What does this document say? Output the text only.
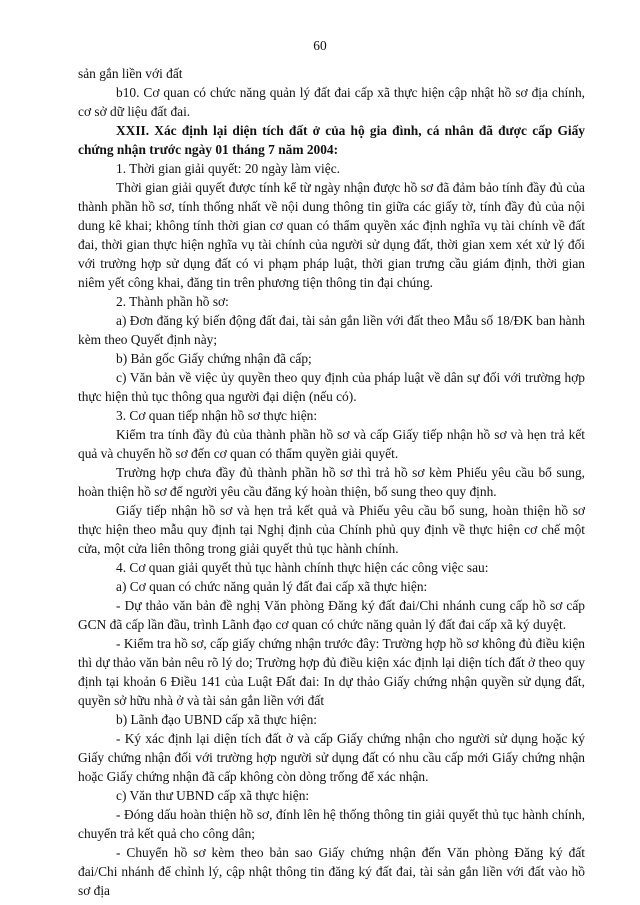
60

sản gắn liền với đất

b10. Cơ quan có chức năng quản lý đất đai cấp xã thực hiện cập nhật hồ sơ địa chính, cơ sở dữ liệu đất đai.

XXII. Xác định lại diện tích đất ở của hộ gia đình, cá nhân đã được cấp Giấy chứng nhận trước ngày 01 tháng 7 năm 2004:

1. Thời gian giải quyết: 20 ngày làm việc.

Thời gian giải quyết được tính kể từ ngày nhận được hồ sơ đã đảm bảo tính đầy đủ của thành phần hồ sơ, tính thống nhất về nội dung thông tin giữa các giấy tờ, tính đầy đủ của nội dung kê khai; không tính thời gian cơ quan có thẩm quyền xác định nghĩa vụ tài chính về đất đai, thời gian thực hiện nghĩa vụ tài chính của người sử dụng đất, thời gian xem xét xử lý đối với trường hợp sử dụng đất có vi phạm pháp luật, thời gian trưng cầu giám định, thời gian niêm yết công khai, đăng tin trên phương tiện thông tin đại chúng.

2. Thành phần hồ sơ:

a) Đơn đăng ký biến động đất đai, tài sản gắn liền với đất theo Mẫu số 18/ĐK ban hành kèm theo Quyết định này;

b) Bản gốc Giấy chứng nhận đã cấp;

c) Văn bản về việc ủy quyền theo quy định của pháp luật về dân sự đối với trường hợp thực hiện thủ tục thông qua người đại diện (nếu có).

3. Cơ quan tiếp nhận hồ sơ thực hiện:

Kiểm tra tính đầy đủ của thành phần hồ sơ và cấp Giấy tiếp nhận hồ sơ và hẹn trả kết quả và chuyển hồ sơ đến cơ quan có thẩm quyền giải quyết.

Trường hợp chưa đầy đủ thành phần hồ sơ thì trả hồ sơ kèm Phiếu yêu cầu bổ sung, hoàn thiện hồ sơ để người yêu cầu đăng ký hoàn thiện, bổ sung theo quy định.

Giấy tiếp nhận hồ sơ và hẹn trả kết quả và Phiếu yêu cầu bổ sung, hoàn thiện hồ sơ thực hiện theo mẫu quy định tại Nghị định của Chính phủ quy định về thực hiện cơ chế một cửa, một cửa liên thông trong giải quyết thủ tục hành chính.

4. Cơ quan giải quyết thủ tục hành chính thực hiện các công việc sau:

a) Cơ quan có chức năng quản lý đất đai cấp xã thực hiện:

- Dự thảo văn bản đề nghị Văn phòng Đăng ký đất đai/Chi nhánh cung cấp hồ sơ cấp GCN đã cấp lần đầu, trình Lãnh đạo cơ quan có chức năng quản lý đất đai cấp xã ký duyệt.

- Kiểm tra hồ sơ, cấp giấy chứng nhận trước đây: Trường hợp hồ sơ không đủ điều kiện thì dự thảo văn bản nêu rõ lý do; Trường hợp đủ điều kiện xác định lại diện tích đất ở theo quy định tại khoản 6 Điều 141 của Luật Đất đai: In dự thảo Giấy chứng nhận quyền sử dụng đất, quyền sở hữu nhà ở và tài sản gắn liền với đất

b) Lãnh đạo UBND cấp xã thực hiện:

- Ký xác định lại diện tích đất ở và cấp Giấy chứng nhận cho người sử dụng hoặc ký Giấy chứng nhận đối với trường hợp người sử dụng đất có nhu cầu cấp mới Giấy chứng nhận hoặc Giấy chứng nhận đã cấp không còn dòng trống để xác nhận.

c) Văn thư UBND cấp xã thực hiện:

- Đóng dấu hoàn thiện hồ sơ, đính lên hệ thống thông tin giải quyết thủ tục hành chính, chuyển trả kết quả cho công dân;

- Chuyển hồ sơ kèm theo bản sao Giấy chứng nhận đến Văn phòng Đăng ký đất đai/Chi nhánh để chỉnh lý, cập nhật thông tin đăng ký đất đai, tài sản gắn liền với đất vào hồ sơ địa
